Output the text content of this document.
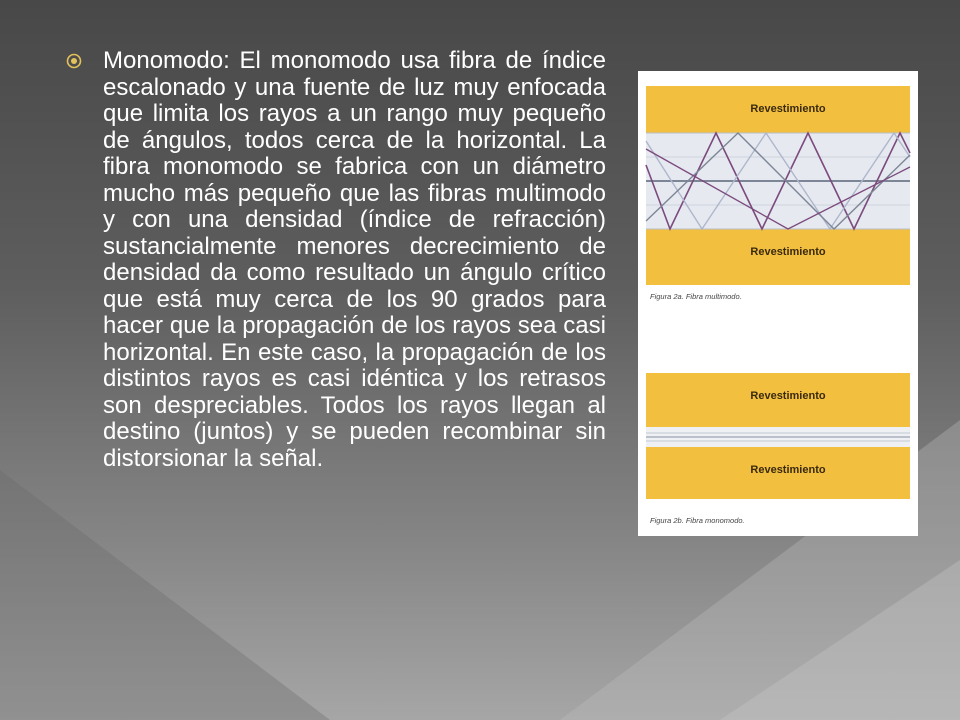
Monomodo: El monomodo usa fibra de índice escalonado y una fuente de luz muy enfocada que limita los rayos a un rango muy pequeño de ángulos, todos cerca de la horizontal. La fibra monomodo se fabrica con un diámetro mucho más pequeño que las fibras multimodo y con una densidad (índice de refracción) sustancialmente menores decrecimiento de densidad da como resultado un ángulo crítico que está muy cerca de los 90 grados para hacer que la propagación de los rayos sea casi horizontal. En este caso, la propagación de los distintos rayos es casi idéntica y los retrasos son despreciables. Todos los rayos llegan al destino (juntos) y se pueden recombinar sin distorsionar la señal.

Revestimiento
Revestimiento
Figura 2a. Fibra multimodo.
Revestimiento
Revestimiento
Figura 2b. Fibra monomodo.
